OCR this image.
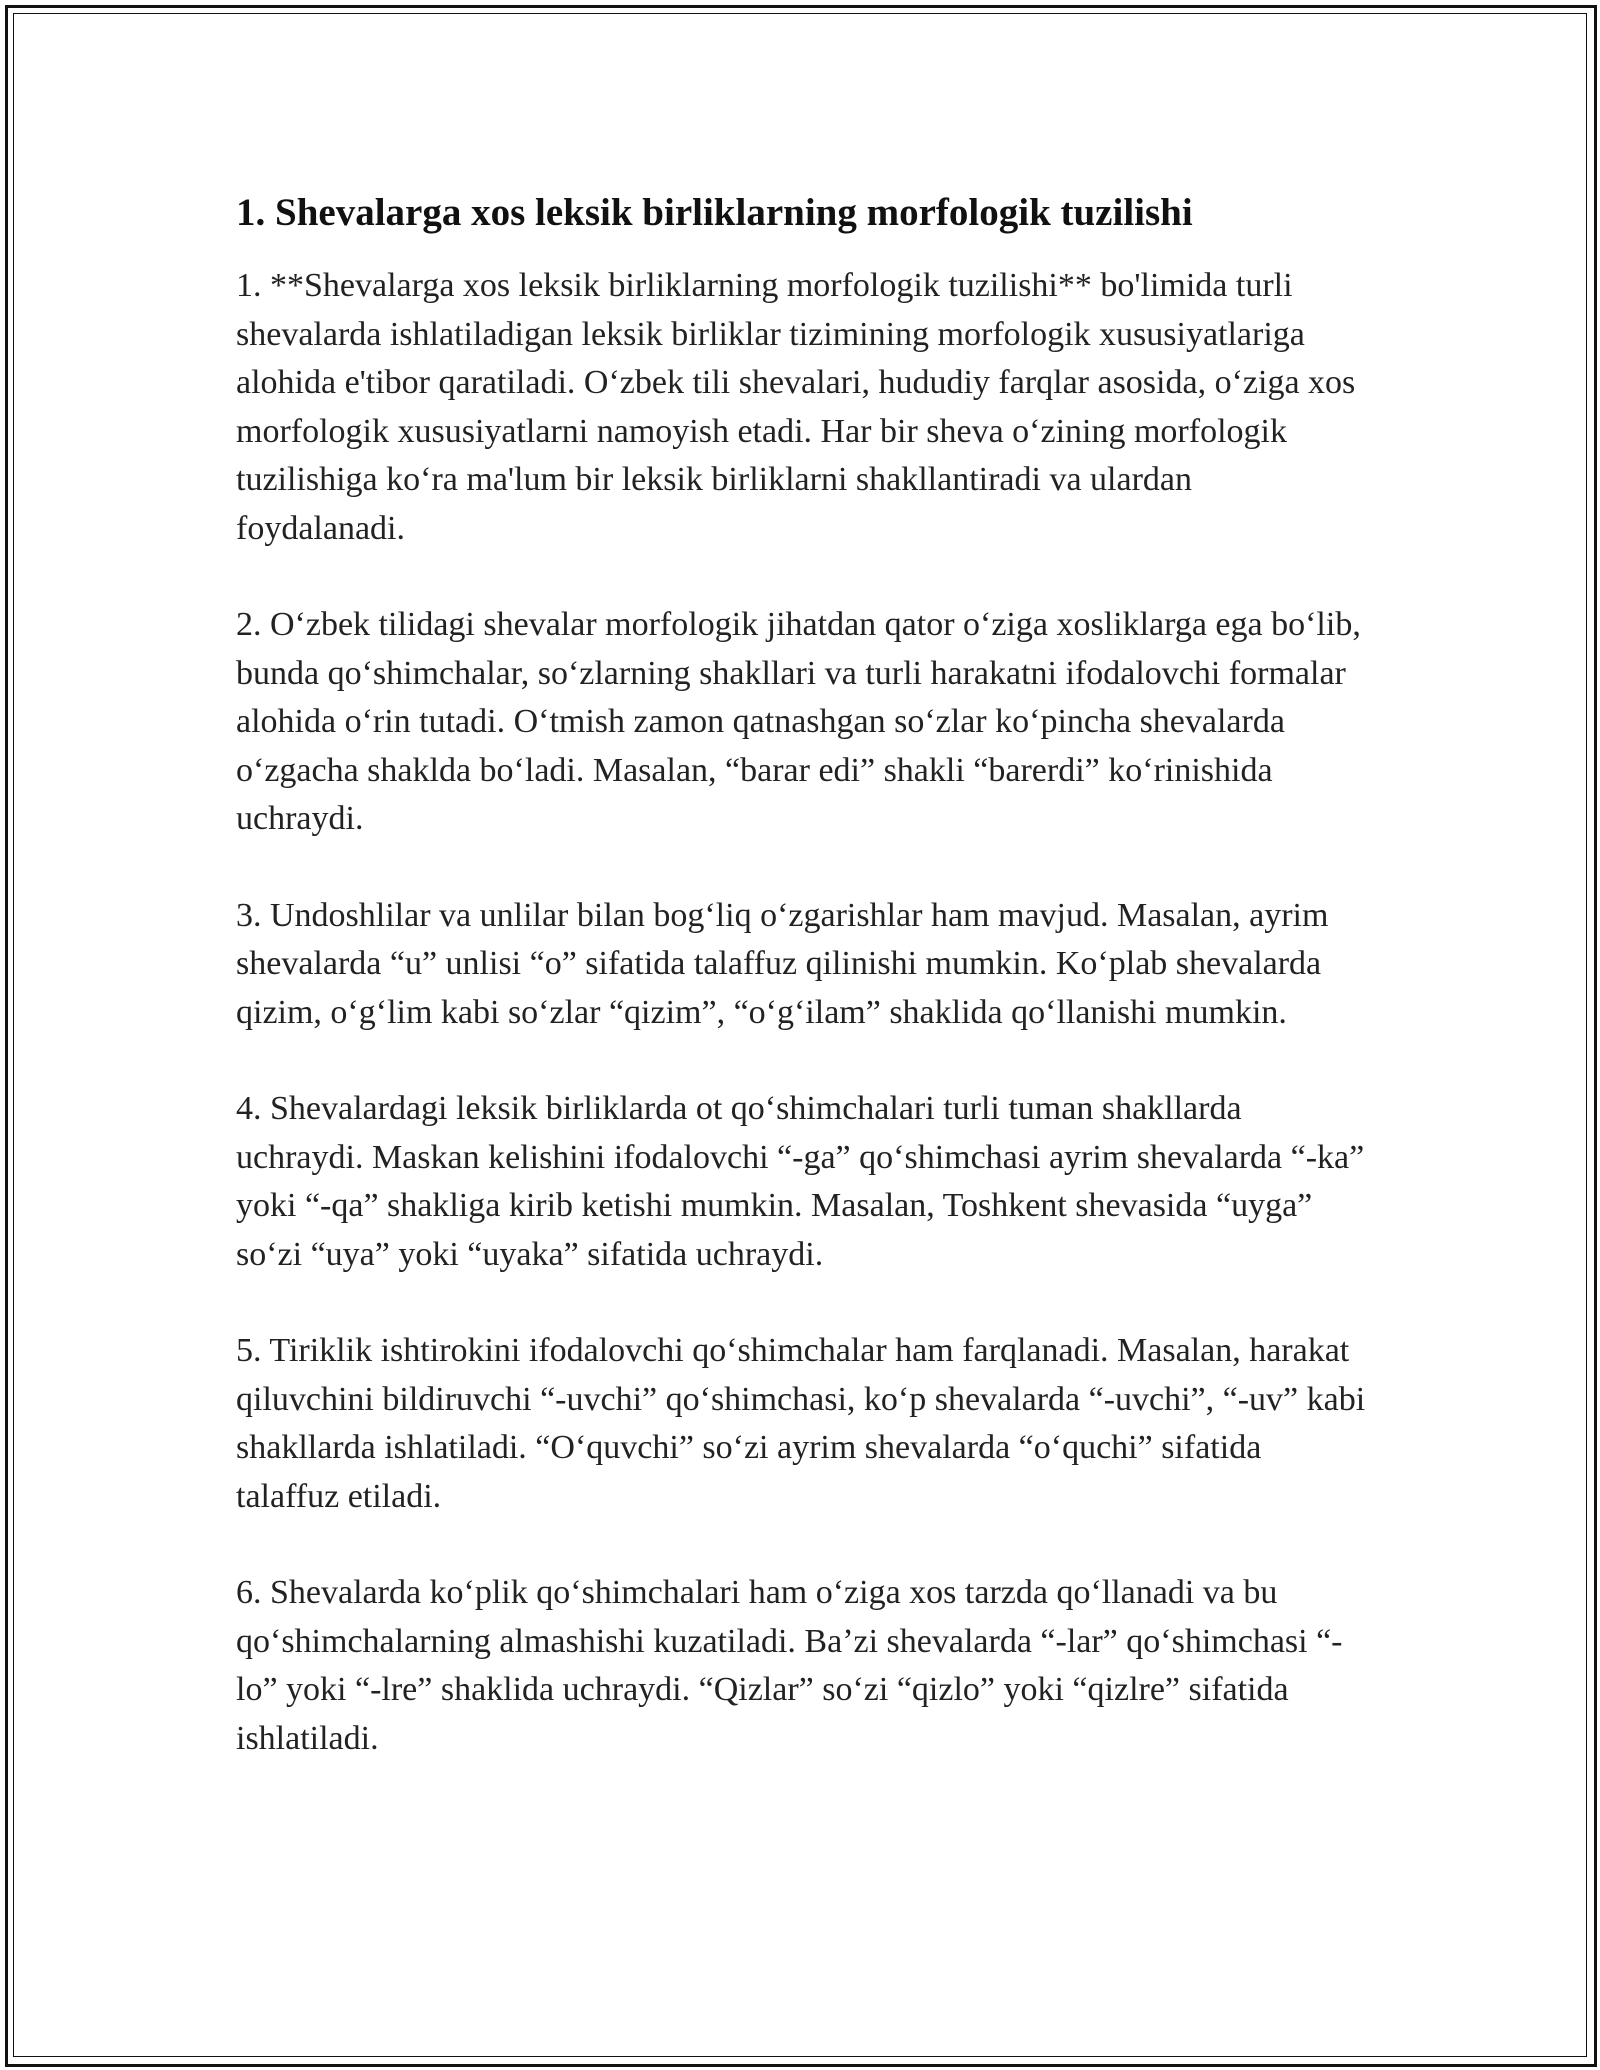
1. Shevalarga xos leksik birliklarning morfologik tuzilishi

1. **Shevalarga xos leksik birliklarning morfologik tuzilishi** bo'limida turli shevalarda ishlatiladigan leksik birliklar tizimining morfologik xususiyatlariga alohida e'tibor qaratiladi. Oʻzbek tili shevalari, hududiy farqlar asosida, oʻziga xos morfologik xususiyatlarni namoyish etadi. Har bir sheva oʻzining morfologik tuzilishiga koʻra ma'lum bir leksik birliklarni shakllantiradi va ulardan foydalanadi.

2. Oʻzbek tilidagi shevalar morfologik jihatdan qator oʻziga xosliklarga ega boʻlib, bunda qoʻshimchalar, soʻzlarning shakllari va turli harakatni ifodalovchi formalar alohida oʻrin tutadi. Oʻtmish zamon qatnashgan soʻzlar koʻpincha shevalarda oʻzgacha shaklda boʻladi. Masalan, “barar edi” shakli “barerdi” koʻrinishida uchraydi.

3. Undoshlilar va unlilar bilan bogʻliq oʻzgarishlar ham mavjud. Masalan, ayrim shevalarda “u” unlisi “o” sifatida talaffuz qilinishi mumkin. Koʻplab shevalarda qizim, oʻgʻlim kabi soʻzlar “qizim”, “oʻgʻilam” shaklida qoʻllanishi mumkin.

4. Shevalardagi leksik birliklarda ot qoʻshimchalari turli tuman shakllarda uchraydi. Maskan kelishini ifodalovchi “-ga” qoʻshimchasi ayrim shevalarda “-ka” yoki “-qa” shakliga kirib ketishi mumkin. Masalan, Toshkent shevasida “uyga” soʻzi “uya” yoki “uyaka” sifatida uchraydi.

5. Tiriklik ishtirokini ifodalovchi qoʻshimchalar ham farqlanadi. Masalan, harakat qiluvchini bildiruvchi “-uvchi” qoʻshimchasi, koʻp shevalarda “-uvchi”, “-uv” kabi shakllarda ishlatiladi. “Oʻquvchi” soʻzi ayrim shevalarda “oʻquchi” sifatida talaffuz etiladi.

6. Shevalarda koʻplik qoʻshimchalari ham oʻziga xos tarzda qoʻllanadi va bu qoʻshimchalarning almashishi kuzatiladi. Baʼzi shevalarda “-lar” qoʻshimchasi “-lo” yoki “-lre” shaklida uchraydi. “Qizlar” soʻzi “qizlo” yoki “qizlre” sifatida ishlatiladi.
